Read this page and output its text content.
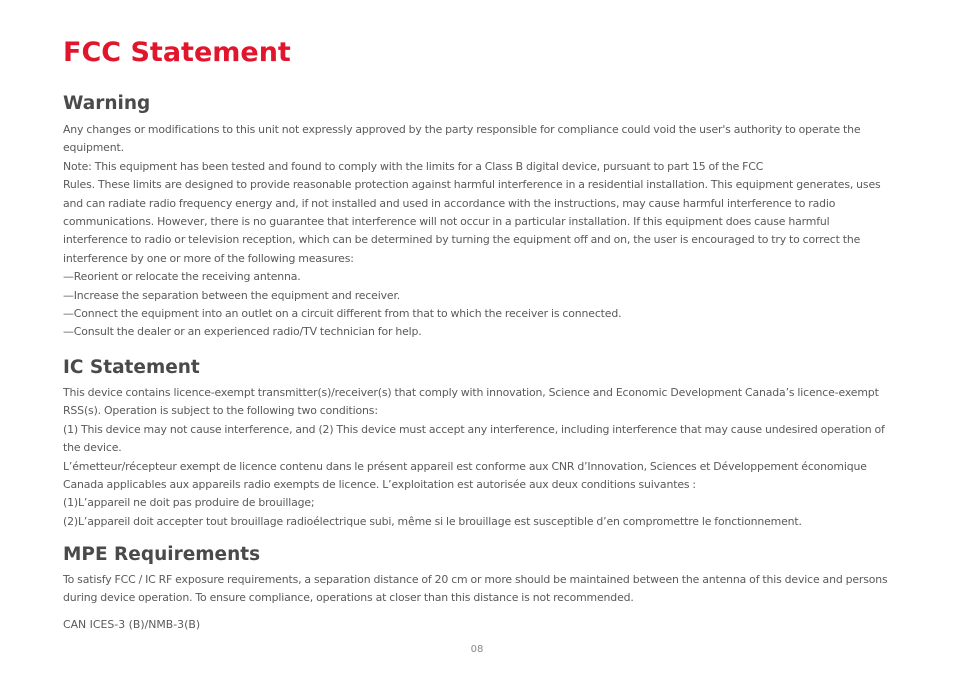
FCC Statement
Warning

Any changes or modifications to this unit not expressly approved by the party responsible for compliance could void the user's authority to operate the equipment.

Note: This equipment has been tested and found to comply with the limits for a Class B digital device, pursuant to part 15 of the FCC

Rules. These limits are designed to provide reasonable protection against harmful interference in a residential installation. This equipment generates, uses and can radiate radio frequency energy and, if not installed and used in accordance with the instructions, may cause harmful interference to radio communications. However, there is no guarantee that interference will not occur in a particular installation. If this equipment does cause harmful interference to radio or television reception, which can be determined by turning the equipment off and on, the user is encouraged to try to correct the interference by one or more of the following measures:

—Reorient or relocate the receiving antenna.

—Increase the separation between the equipment and receiver.

—Connect the equipment into an outlet on a circuit different from that to which the receiver is connected.

—Consult the dealer or an experienced radio/TV technician for help.

IC Statement

This device contains licence-exempt transmitter(s)/receiver(s) that comply with innovation, Science and Economic Development Canada’s licence-exempt RSS(s). Operation is subject to the following two conditions:

(1) This device may not cause interference, and (2) This device must accept any interference, including interference that may cause undesired operation of the device.

L’émetteur/récepteur exempt de licence contenu dans le présent appareil est conforme aux CNR d’Innovation, Sciences et Développement économique Canada applicables aux appareils radio exempts de licence. L’exploitation est autorisée aux deux conditions suivantes :

(1)L’appareil ne doit pas produire de brouillage;

(2)L’appareil doit accepter tout brouillage radioélectrique subi, même si le brouillage est susceptible d’en compromettre le fonctionnement.

MPE Requirements

To satisfy FCC / IC RF exposure requirements, a separation distance of 20 cm or more should be maintained between the antenna of this device and persons during device operation. To ensure compliance, operations at closer than this distance is not recommended.

CAN ICES-3 (B)/NMB-3(B)

08
